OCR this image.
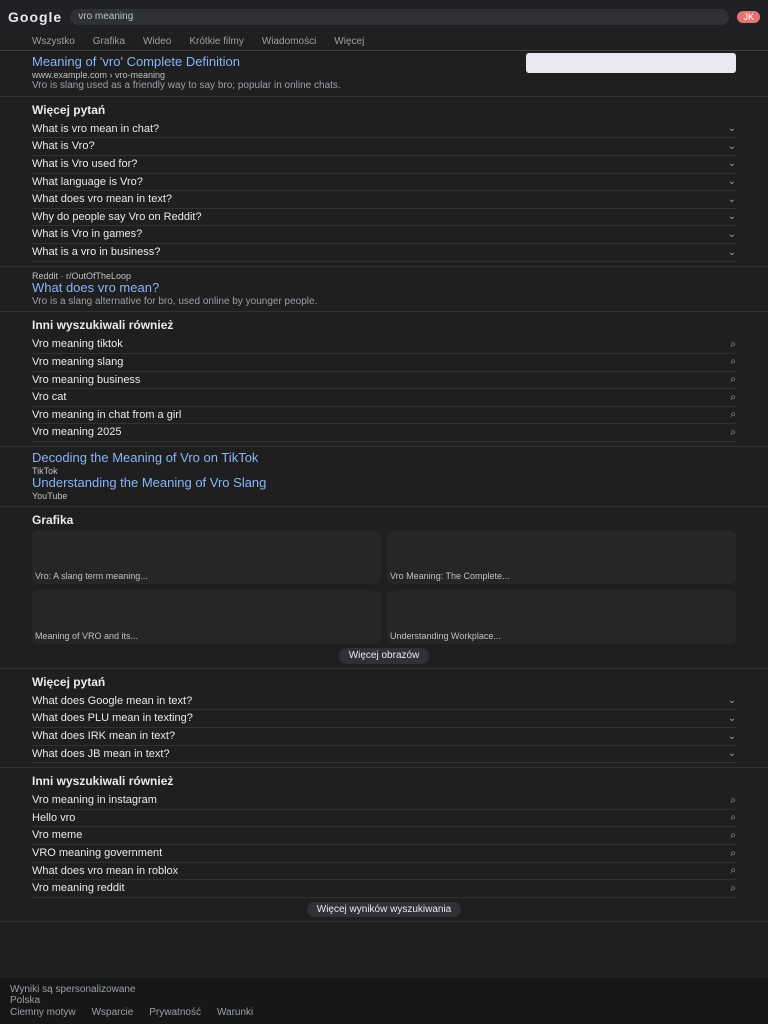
Google	vro meaning	JK
Wszystko Grafika Wideo Krótkie filmy Wiadomości Więcej
Meaning of 'vro' Complete Definition
www.example.com › vro-meaning
Vro is slang used as a friendly way to say bro; popular in online chats.
Więcej pytań
What is vro mean in chat?	⌄
What is Vro?	⌄
What is Vro used for?	⌄
What language is Vro?	⌄
What does vro mean in text?	⌄
Why do people say Vro on Reddit?	⌄
What is Vro in games?	⌄
What is a vro in business?	⌄
Reddit · r/OutOfTheLoop
What does vro mean?
Vro is a slang alternative for bro, used online by younger people.
Inni wyszukiwali również
Vro meaning tiktok	⌕
Vro meaning slang	⌕
Vro meaning business	⌕
Vro cat	⌕
Vro meaning in chat from a girl	⌕
Vro meaning 2025	⌕
Decoding the Meaning of Vro on TikTok
TikTok
Understanding the Meaning of Vro Slang
YouTube
Grafika
Vro: A slang term meaning...	Vro Meaning: The Complete...
Meaning of VRO and its...	Understanding Workplace...
Więcej obrazów
Więcej pytań
What does Google mean in text?	⌄
What does PLU mean in texting?	⌄
What does IRK mean in text?	⌄
What does JB mean in text?	⌄
Inni wyszukiwali również
Vro meaning in instagram	⌕
Hello vro	⌕
Vro meme	⌕
VRO meaning government	⌕
What does vro mean in roblox	⌕
Vro meaning reddit	⌕
Więcej wyników wyszukiwania
Wyniki są spersonalizowane
Polska
Ciemny motyw Wsparcie Prywatność Warunki
